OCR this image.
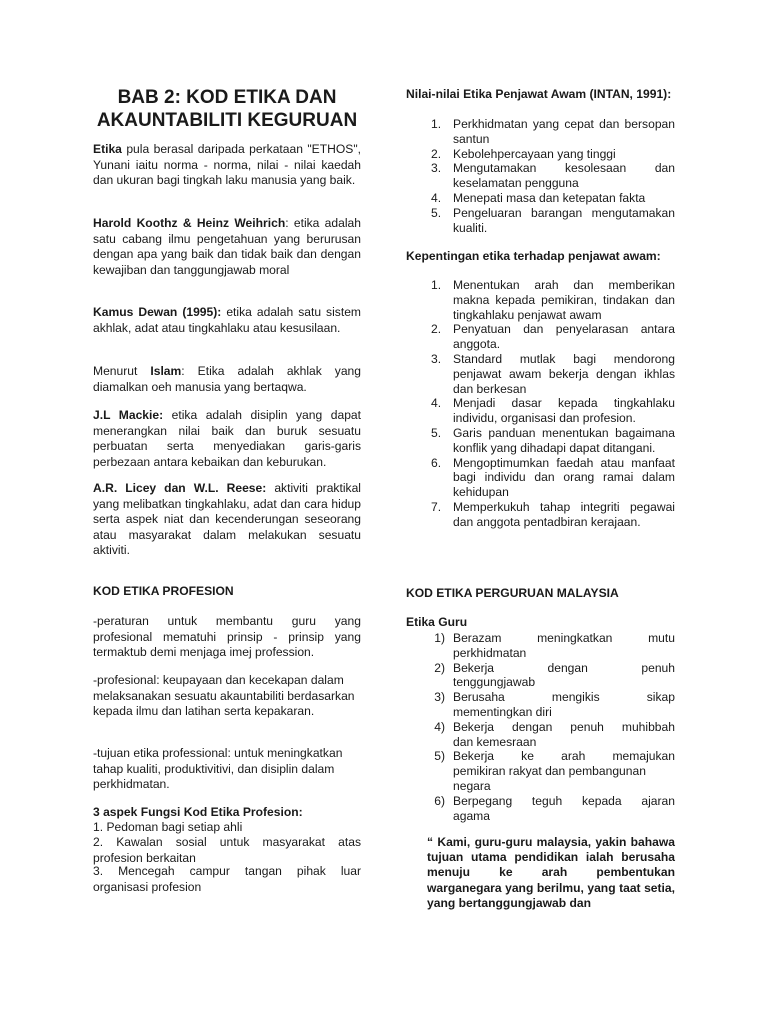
BAB 2: KOD ETIKA DAN
AKAUNTABILITI KEGURUAN

Etika pula berasal daripada perkataan "ETHOS", Yunani iaitu norma - norma, nilai - nilai kaedah dan ukuran bagi tingkah laku manusia yang baik.

Harold Koothz & Heinz Weihrich: etika adalah satu cabang ilmu pengetahuan yang berurusan dengan apa yang baik dan tidak baik dan dengan kewajiban dan tanggungjawab moral

Kamus Dewan (1995): etika adalah satu sistem akhlak, adat atau tingkahlaku atau kesusilaan.

Menurut Islam: Etika adalah akhlak yang diamalkan oeh manusia yang bertaqwa.

J.L Mackie: etika adalah disiplin yang dapat menerangkan nilai baik dan buruk sesuatu perbuatan serta menyediakan garis-garis perbezaan antara kebaikan dan keburukan.

A.R. Licey dan W.L. Reese: aktiviti praktikal yang melibatkan tingkahlaku, adat dan cara hidup serta aspek niat dan kecenderungan seseorang atau masyarakat dalam melakukan sesuatu aktiviti.

KOD ETIKA PROFESION

-peraturan untuk membantu guru yang profesional mematuhi prinsip - prinsip yang termaktub demi menjaga imej profession.

-profesional: keupayaan dan kecekapan dalam melaksanakan sesuatu akauntabiliti berdasarkan kepada ilmu dan latihan serta kepakaran.

-tujuan etika professional: untuk meningkatkan tahap kualiti, produktivitivi, dan disiplin dalam perkhidmatan.

3 aspek Fungsi Kod Etika Profesion:

1. Pedoman bagi setiap ahli

2. Kawalan sosial untuk masyarakat atas profesion berkaitan

3. Mencegah campur tangan pihak luar organisasi profesion

Nilai-nilai Etika Penjawat Awam (INTAN, 1991):

1. Perkhidmatan yang cepat dan bersopan santun
2. Kebolehpercayaan yang tinggi
3. Mengutamakan kesolesaan dan keselamatan pengguna
4. Menepati masa dan ketepatan fakta
5. Pengeluaran barangan mengutamakan kualiti.

Kepentingan etika terhadap penjawat awam:

1. Menentukan arah dan memberikan makna kepada pemikiran, tindakan dan tingkahlaku penjawat awam
2. Penyatuan dan penyelarasan antara anggota.
3. Standard mutlak bagi mendorong penjawat awam bekerja dengan ikhlas dan berkesan
4. Menjadi dasar kepada tingkahlaku individu, organisasi dan profesion.
5. Garis panduan menentukan bagaimana konflik yang dihadapi dapat ditangani.
6. Mengoptimumkan faedah atau manfaat bagi individu dan orang ramai dalam kehidupan
7. Memperkukuh tahap integriti pegawai dan anggota pentadbiran kerajaan.

KOD ETIKA PERGURUAN MALAYSIA

Etika Guru

1) Berazam meningkatkan mutu
perkhidmatan
2) Bekerja dengan penuh
tenggungjawab
3) Berusaha mengikis sikap
mementingkan diri
4) Bekerja dengan penuh muhibbah
dan kemesraan
5) Bekerja ke arah memajukan
pemikiran rakyat dan pembangunan
negara
6) Berpegang teguh kepada ajaran
agama

“ Kami, guru-guru malaysia, yakin bahawa tujuan utama pendidikan ialah berusaha menuju ke arah pembentukan warganegara yang berilmu, yang taat setia, yang bertanggungjawab dan
